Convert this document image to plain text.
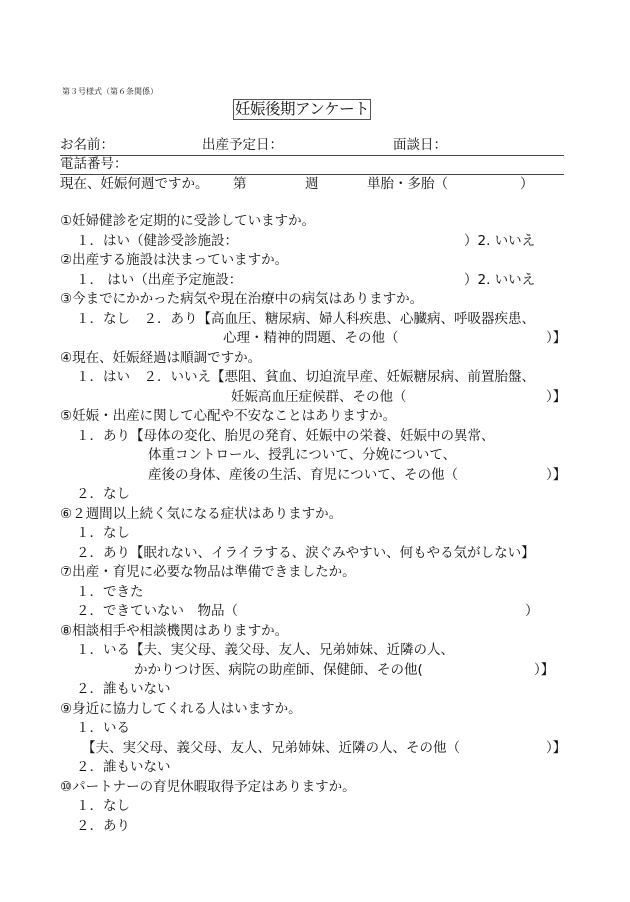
第３号様式（第６条関係）
妊娠後期アンケート
お名前：	出産予定日：	面談日：
電話番号：
現在、妊娠何週ですか。 第	週	単胎・多胎（	）
①妊婦健診を定期的に受診していますか。
１．はい（健診受診施設：	）2. いいえ
②出産する施設は決まっていますか。
１． はい（出産予定施設：	）2. いいえ
③今までにかかった病気や現在治療中の病気はありますか。
１．なし　２．あり【高血圧、糖尿病、婦人科疾患、心臓病、呼吸器疾患、
心理・精神的問題、その他（	）】
④現在、妊娠経過は順調ですか。
１．はい　２．いいえ【悪阻、貧血、切迫流早産、妊娠糖尿病、前置胎盤、
妊娠高血圧症候群、その他（	）】
⑤妊娠・出産に関して心配や不安なことはありますか。
１．あり【母体の変化、胎児の発育、妊娠中の栄養、妊娠中の異常、
体重コントロール、授乳について、分娩について、
産後の身体、産後の生活、育児について、その他（	）】
２．なし
⑥２週間以上続く気になる症状はありますか。
１．なし
２．あり【眠れない、イライラする、涙ぐみやすい、何もやる気がしない】
⑦出産・育児に必要な物品は準備できましたか。
１．できた
２．できていない　物品（	）
⑧相談相手や相談機関はありますか。
１．いる【夫、実父母、義父母、友人、兄弟姉妹、近隣の人、
かかりつけ医、病院の助産師、保健師、その他(	）】
２．誰もいない
⑨身近に協力してくれる人はいますか。
１．いる
【夫、実父母、義父母、友人、兄弟姉妹、近隣の人、その他（	）】
２．誰もいない
⑩パートナーの育児休暇取得予定はありますか。
１．なし
２．あり
